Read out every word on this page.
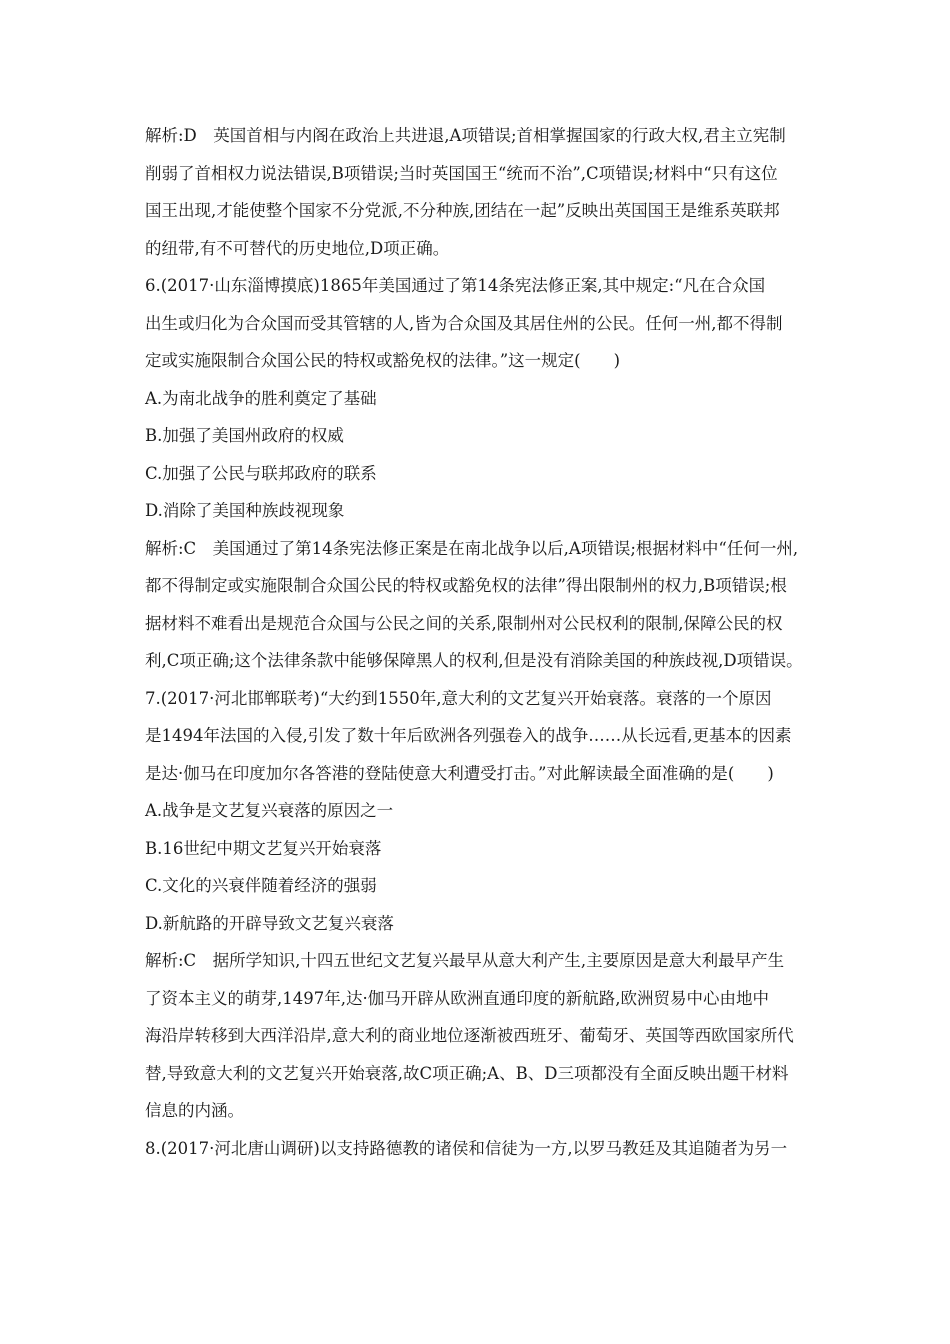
解析:D　英国首相与内阁在政治上共进退,A项错误;首相掌握国家的行政大权,君主立宪制
削弱了首相权力说法错误,B项错误;当时英国国王“统而不治”,C项错误;材料中“只有这位
国王出现,才能使整个国家不分党派,不分种族,团结在一起”反映出英国国王是维系英联邦
的纽带,有不可替代的历史地位,D项正确。
6.(2017·山东淄博摸底)1865年美国通过了第14条宪法修正案,其中规定:“凡在合众国
出生或归化为合众国而受其管辖的人,皆为合众国及其居住州的公民。任何一州,都不得制
定或实施限制合众国公民的特权或豁免权的法律。”这一规定(　　)
A.为南北战争的胜利奠定了基础
B.加强了美国州政府的权威
C.加强了公民与联邦政府的联系
D.消除了美国种族歧视现象
解析:C　美国通过了第14条宪法修正案是在南北战争以后,A项错误;根据材料中“任何一州,
都不得制定或实施限制合众国公民的特权或豁免权的法律”得出限制州的权力,B项错误;根
据材料不难看出是规范合众国与公民之间的关系,限制州对公民权利的限制,保障公民的权
利,C项正确;这个法律条款中能够保障黑人的权利,但是没有消除美国的种族歧视,D项错误。
7.(2017·河北邯郸联考)“大约到1550年,意大利的文艺复兴开始衰落。衰落的一个原因
是1494年法国的入侵,引发了数十年后欧洲各列强卷入的战争……从长远看,更基本的因素
是达·伽马在印度加尔各答港的登陆使意大利遭受打击。”对此解读最全面准确的是(　　)
A.战争是文艺复兴衰落的原因之一
B.16世纪中期文艺复兴开始衰落
C.文化的兴衰伴随着经济的强弱
D.新航路的开辟导致文艺复兴衰落
解析:C　据所学知识,十四五世纪文艺复兴最早从意大利产生,主要原因是意大利最早产生
了资本主义的萌芽,1497年,达·伽马开辟从欧洲直通印度的新航路,欧洲贸易中心由地中
海沿岸转移到大西洋沿岸,意大利的商业地位逐渐被西班牙、葡萄牙、英国等西欧国家所代
替,导致意大利的文艺复兴开始衰落,故C项正确;A、B、D三项都没有全面反映出题干材料
信息的内涵。
8.(2017·河北唐山调研)以支持路德教的诸侯和信徒为一方,以罗马教廷及其追随者为另一
